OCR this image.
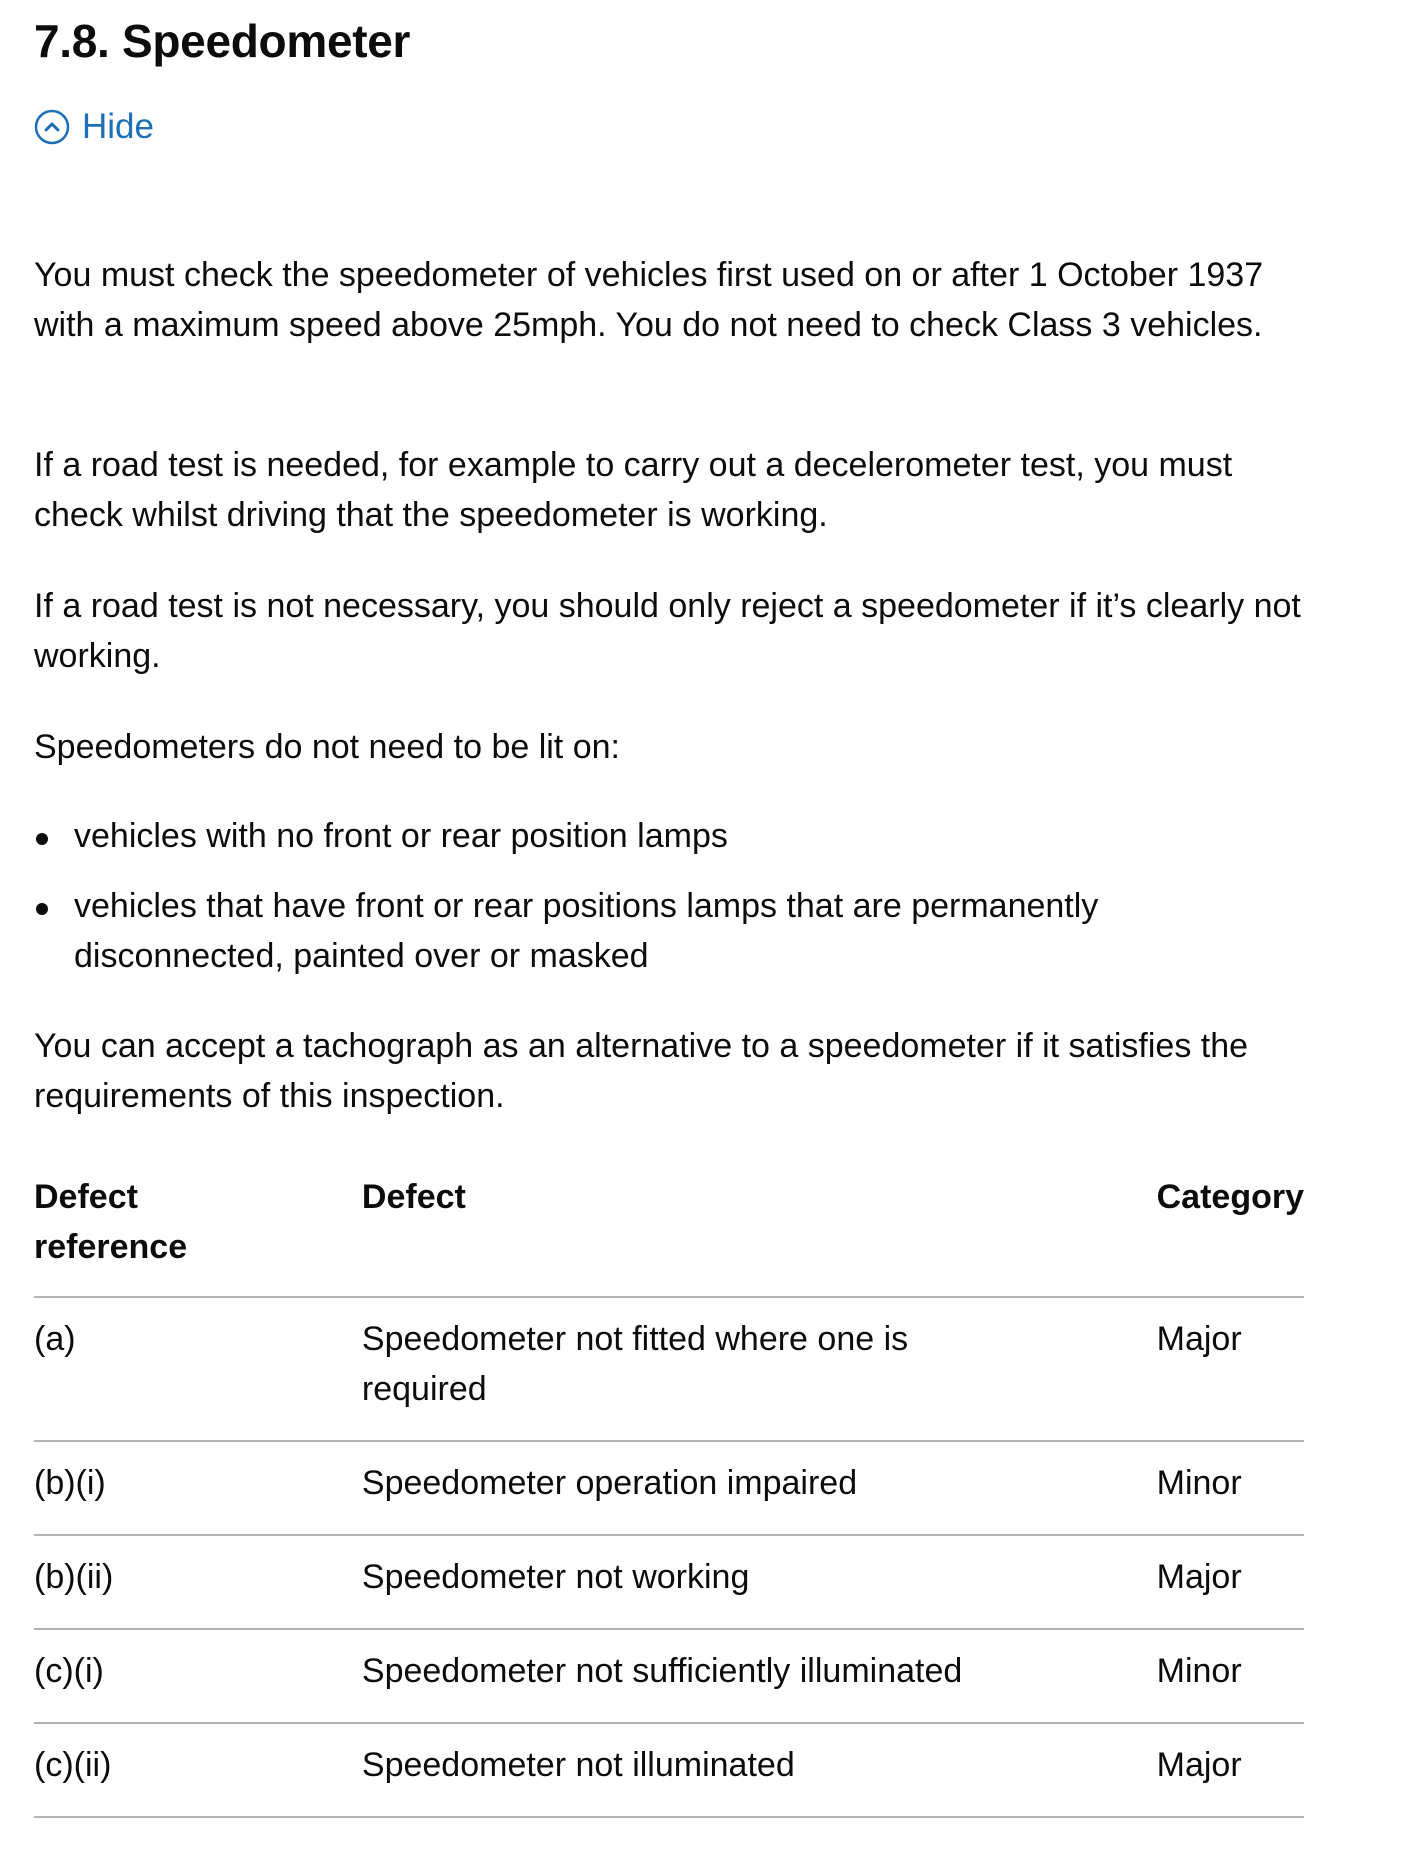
7.8. Speedometer
Hide

You must check the speedometer of vehicles first used on or after 1 October 1937 with a maximum speed above 25mph. You do not need to check Class 3 vehicles.

If a road test is needed, for example to carry out a decelerometer test, you must check whilst driving that the speedometer is working.

If a road test is not necessary, you should only reject a speedometer if it’s clearly not working.

Speedometers do not need to be lit on:

vehicles with no front or rear position lamps
vehicles that have front or rear positions lamps that are permanently disconnected, painted over or masked

You can accept a tachograph as an alternative to a speedometer if it satisfies the requirements of this inspection.

Defect reference	Defect	Category

(a)	Speedometer not fitted where one is required	Major
(b)(i)	Speedometer operation impaired	Minor
(b)(ii)	Speedometer not working	Major
(c)(i)	Speedometer not sufficiently illuminated	Minor
(c)(ii)	Speedometer not illuminated	Major
